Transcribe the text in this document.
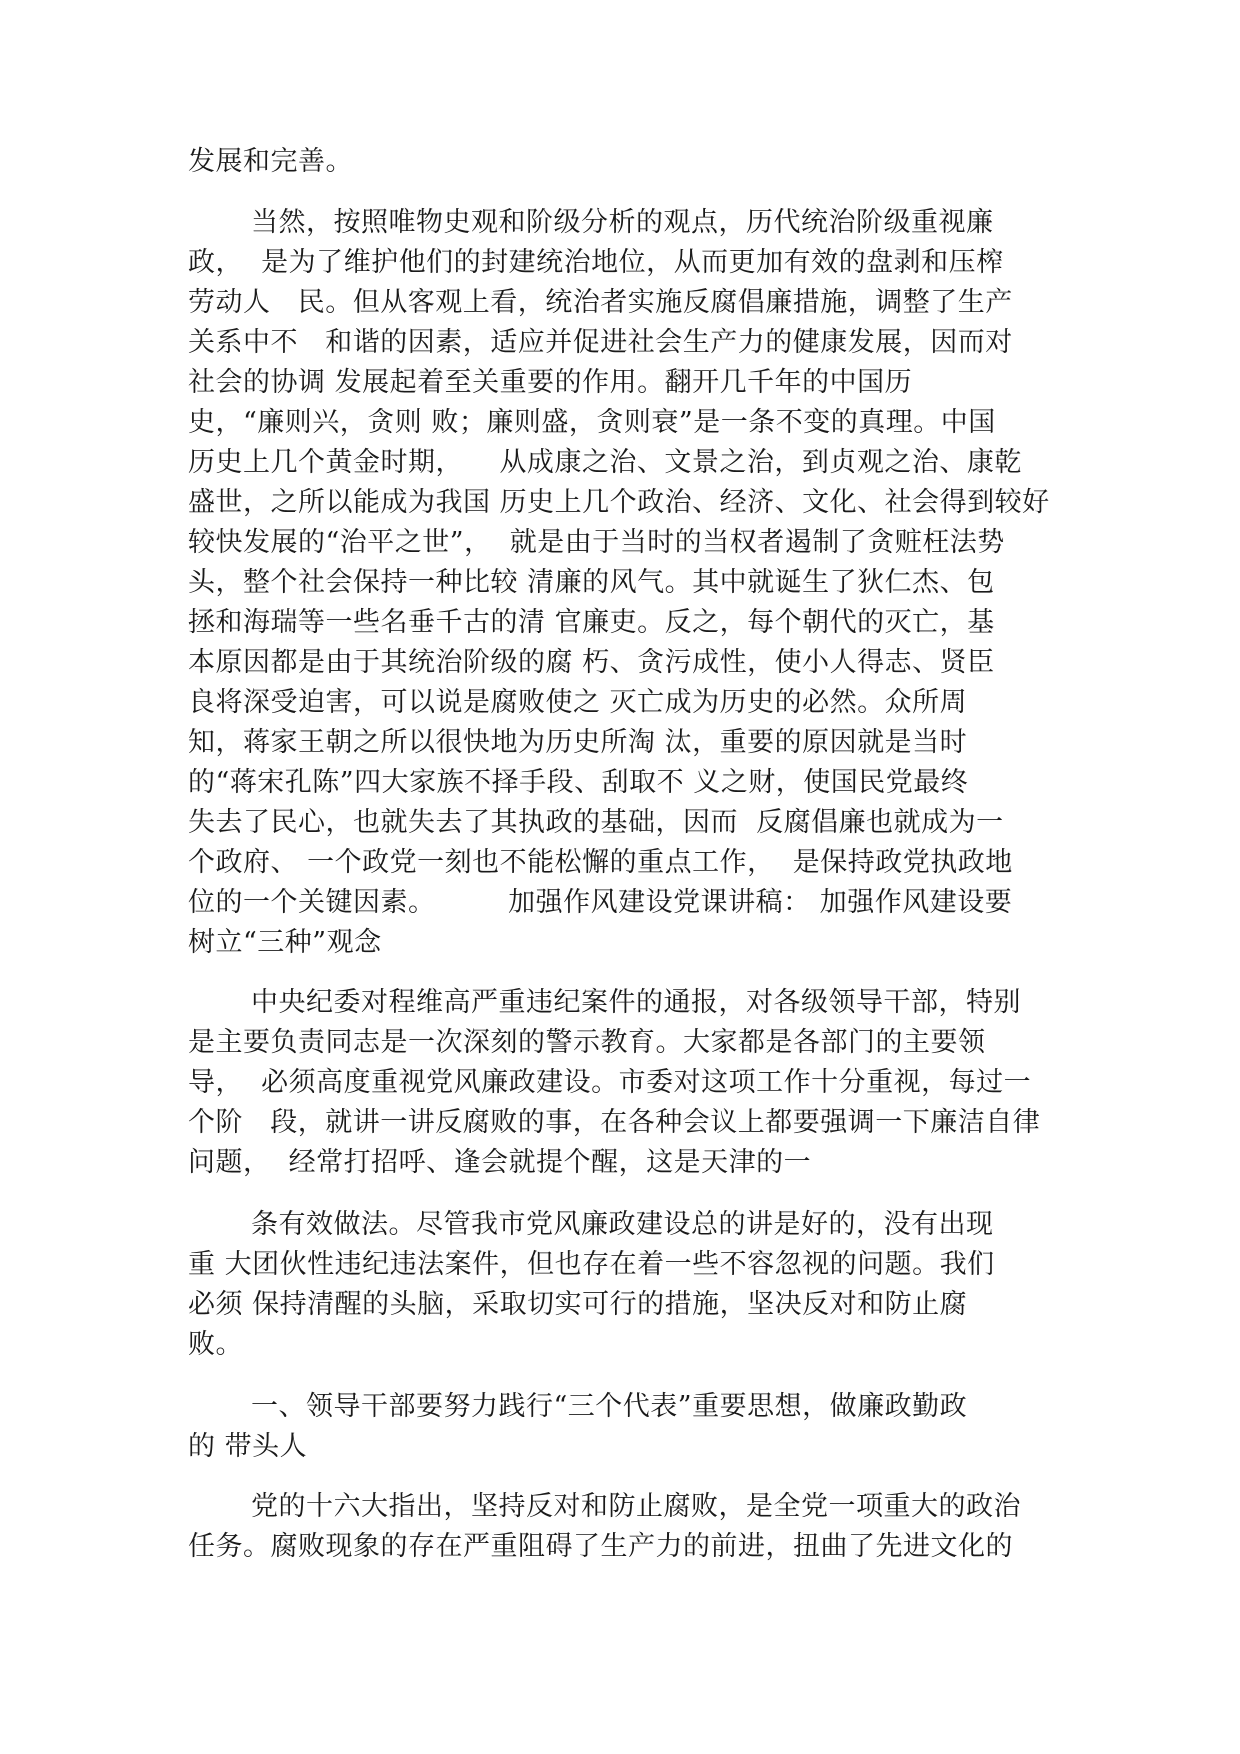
发展和完善。
当然，按照唯物史观和阶级分析的观点，历代统治阶级重视廉
政，  是为了维护他们的封建统治地位，从而更加有效的盘剥和压榨
劳动人   民。但从客观上看，统治者实施反腐倡廉措施，调整了生产
关系中不   和谐的因素，适应并促进社会生产力的健康发展，因而对
社会的协调 发展起着至关重要的作用。翻开几千年的中国历
史，“廉则兴，贪则 败；廉则盛，贪则衰”是一条不变的真理。中国
历史上几个黄金时期，    从成康之治、文景之治，到贞观之治、康乾
盛世，之所以能成为我国 历史上几个政治、经济、文化、社会得到较好
较快发展的“治平之世”，  就是由于当时的当权者遏制了贪赃枉法势
头，整个社会保持一种比较 清廉的风气。其中就诞生了狄仁杰、包
拯和海瑞等一些名垂千古的清 官廉吏。反之，每个朝代的灭亡，基
本原因都是由于其统治阶级的腐 朽、贪污成性，使小人得志、贤臣
良将深受迫害，可以说是腐败使之 灭亡成为历史的必然。众所周
知，蒋家王朝之所以很快地为历史所淘 汰，重要的原因就是当时
的“蒋宋孔陈”四大家族不择手段、刮取不 义之财，使国民党最终
失去了民心，也就失去了其执政的基础，因而  反腐倡廉也就成为一
个政府、 一个政党一刻也不能松懈的重点工作，  是保持政党执政地
位的一个关键因素。        加强作风建设党课讲稿： 加强作风建设要
树立“三种”观念
中央纪委对程维高严重违纪案件的通报，对各级领导干部，特别
是主要负责同志是一次深刻的警示教育。大家都是各部门的主要领
导，  必须高度重视党风廉政建设。市委对这项工作十分重视，每过一
个阶   段，就讲一讲反腐败的事，在各种会议上都要强调一下廉洁自律
问题，  经常打招呼、逢会就提个醒，这是天津的一
条有效做法。尽管我市党风廉政建设总的讲是好的，没有出现
重 大团伙性违纪违法案件，但也存在着一些不容忽视的问题。我们
必须 保持清醒的头脑，采取切实可行的措施，坚决反对和防止腐
败。
一、领导干部要努力践行“三个代表”重要思想，做廉政勤政
的 带头人
党的十六大指出，坚持反对和防止腐败，是全党一项重大的政治
任务。腐败现象的存在严重阻碍了生产力的前进，扭曲了先进文化的
